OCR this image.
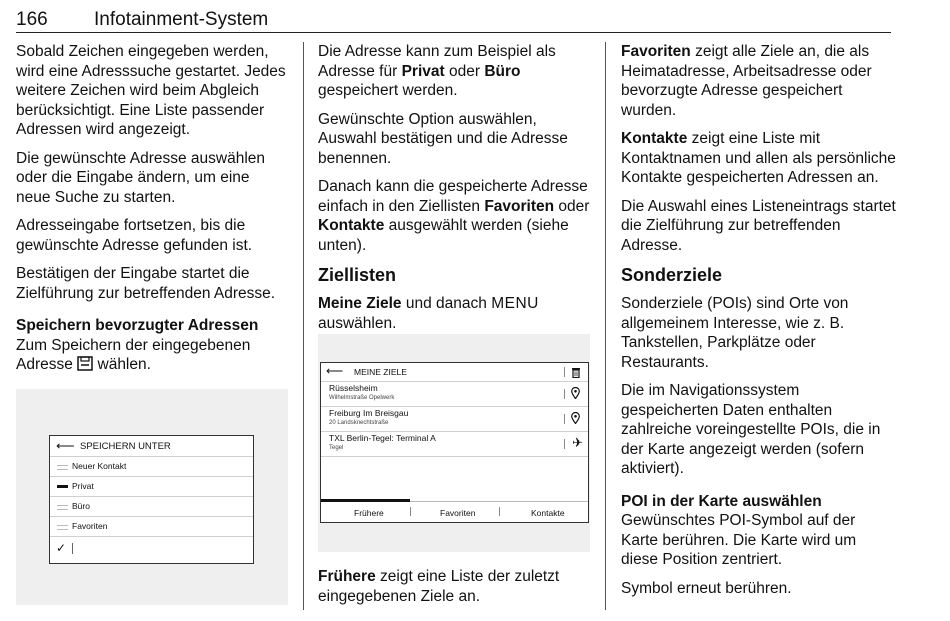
166 Infotainment-System

Sobald Zeichen eingegeben werden, wird eine Adresssuche gestartet. Jedes weitere Zeichen wird beim Abgleich berücksichtigt. Eine Liste passender Adressen wird angezeigt.

Die gewünschte Adresse auswählen oder die Eingabe ändern, um eine neue Suche zu starten.

Adresseingabe fortsetzen, bis die gewünschte Adresse gefunden ist.

Bestätigen der Eingabe startet die Zielführung zur betreffenden Adresse.

Speichern bevorzugter Adressen

Zum Speichern der eingegebenen Adresse wählen.

⟵ SPEICHERN UNTER
Neuer Kontakt
Privat
Büro
Favoriten
✓

Die Adresse kann zum Beispiel als Adresse für Privat oder Büro gespeichert werden.

Gewünschte Option auswählen, Auswahl bestätigen und die Adresse benennen.

Danach kann die gespeicherte Adresse einfach in den Ziellisten Favoriten oder Kontakte ausgewählt werden (siehe unten).

Ziellisten

Meine Ziele und danach MENU auswählen.

⟵ MEINE ZIELE
Rüsselsheim
Wilhelmstraße Opelwerk
Freiburg Im Breisgau
20 Landsknechtstraße
TXL Berlin-Tegel: Terminal A
Tegel	✈
Frühere	Favoriten	Kontakte

Frühere zeigt eine Liste der zuletzt eingegebenen Ziele an.

Favoriten zeigt alle Ziele an, die als Heimatadresse, Arbeitsadresse oder bevorzugte Adresse gespeichert wurden.

Kontakte zeigt eine Liste mit Kontaktnamen und allen als persönliche Kontakte gespeicherten Adressen an.

Die Auswahl eines Listeneintrags startet die Zielführung zur betreffenden Adresse.

Sonderziele

Sonderziele (POIs) sind Orte von allgemeinem Interesse, wie z. B. Tankstellen, Parkplätze oder Restaurants.

Die im Navigationssystem gespeicherten Daten enthalten zahlreiche voreingestellte POIs, die in der Karte angezeigt werden (sofern aktiviert).

POI in der Karte auswählen

Gewünschtes POI-Symbol auf der Karte berühren. Die Karte wird um diese Position zentriert.

Symbol erneut berühren.
